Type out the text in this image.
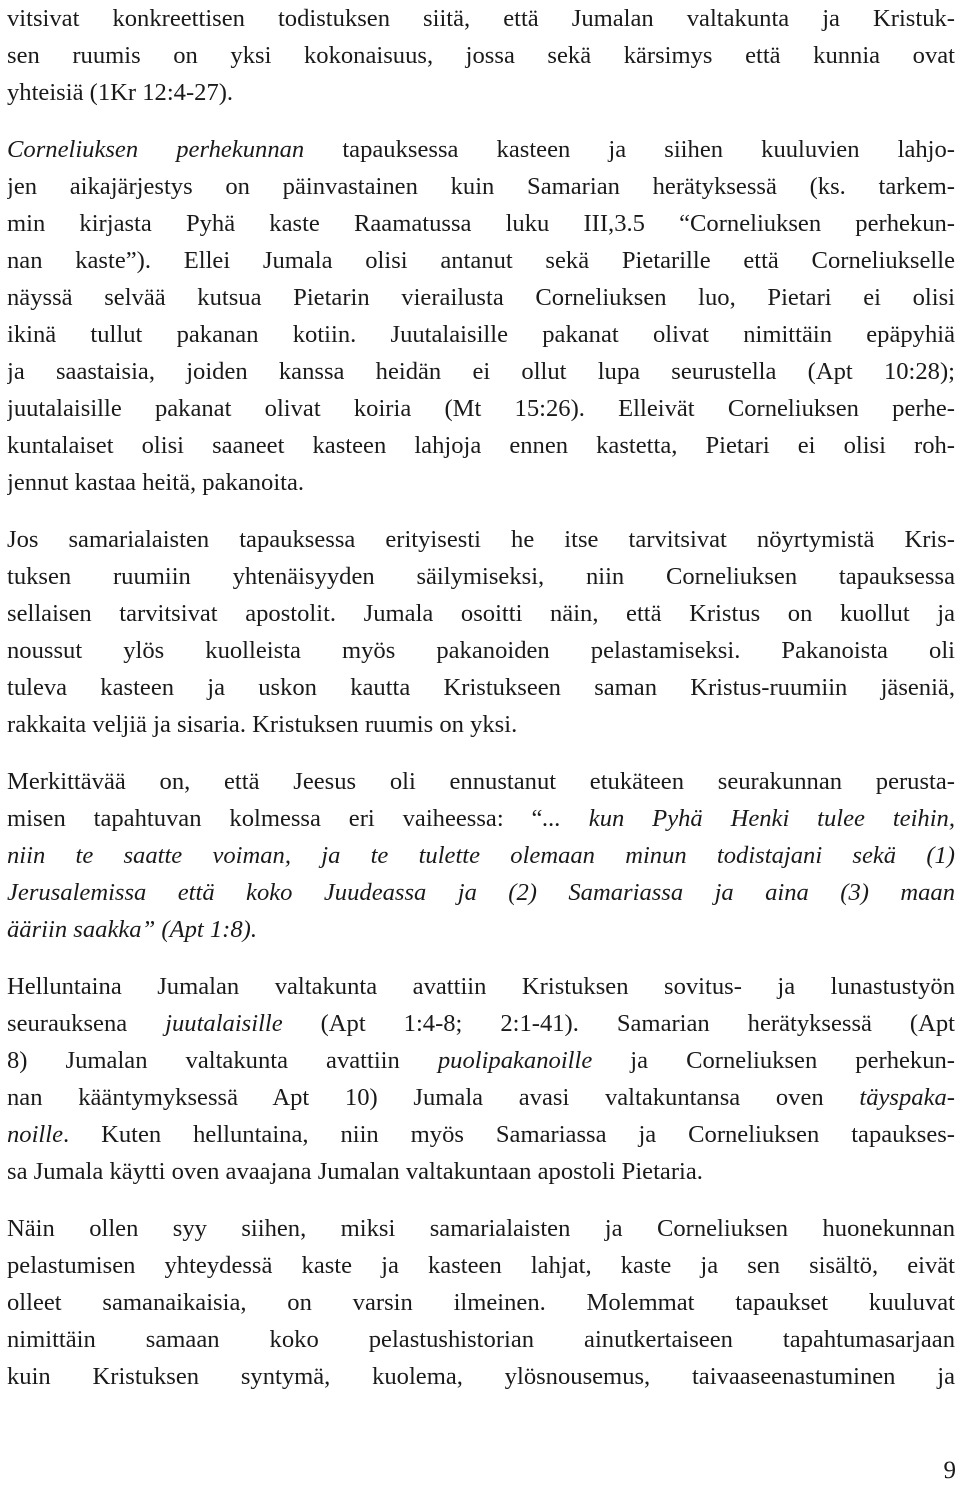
vitsivat konkreettisen todistuksen siitä, että Jumalan valtakunta ja Kristuk-
sen ruumis on yksi kokonaisuus, jossa sekä kärsimys että kunnia ovat
yhteisiä (1Kr 12:4-27).
Corneliuksen perhekunnan tapauksessa kasteen ja siihen kuuluvien lahjo-
jen aikajärjestys on päinvastainen kuin Samarian herätyksessä (ks. tarkem-
min kirjasta Pyhä kaste Raamatussa luku III,3.5 “Corneliuksen perhekun-
nan kaste”). Ellei Jumala olisi antanut sekä Pietarille että Corneliukselle
näyssä selvää kutsua Pietarin vierailusta Corneliuksen luo, Pietari ei olisi
ikinä tullut pakanan kotiin. Juutalaisille pakanat olivat nimittäin epäpyhiä
ja saastaisia, joiden kanssa heidän ei ollut lupa seurustella (Apt 10:28);
juutalaisille pakanat olivat koiria (Mt 15:26). Elleivät Corneliuksen perhe-
kuntalaiset olisi saaneet kasteen lahjoja ennen kastetta, Pietari ei olisi roh-
jennut kastaa heitä, pakanoita.
Jos samarialaisten tapauksessa erityisesti he itse tarvitsivat nöyrtymistä Kris-
tuksen ruumiin yhtenäisyyden säilymiseksi, niin Corneliuksen tapauksessa
sellaisen tarvitsivat apostolit. Jumala osoitti näin, että Kristus on kuollut ja
noussut ylös kuolleista myös pakanoiden pelastamiseksi. Pakanoista oli
tuleva kasteen ja uskon kautta Kristukseen saman Kristus-ruumiin jäseniä,
rakkaita veljiä ja sisaria. Kristuksen ruumis on yksi.
Merkittävää on, että Jeesus oli ennustanut etukäteen seurakunnan perusta-
misen tapahtuvan kolmessa eri vaiheessa: “... kun Pyhä Henki tulee teihin,
niin te saatte voiman, ja te tulette olemaan minun todistajani sekä (1)
Jerusalemissa että koko Juudeassa ja (2) Samariassa ja aina (3) maan
ääriin saakka” (Apt 1:8).
Helluntaina Jumalan valtakunta avattiin Kristuksen sovitus- ja lunastustyön
seurauksena juutalaisille (Apt 1:4-8; 2:1-41). Samarian herätyksessä (Apt
8) Jumalan valtakunta avattiin puolipakanoille ja Corneliuksen perhekun-
nan kääntymyksessä Apt 10) Jumala avasi valtakuntansa oven täyspaka-
noille. Kuten helluntaina, niin myös Samariassa ja Corneliuksen tapaukses-
sa Jumala käytti oven avaajana Jumalan valtakuntaan apostoli Pietaria.
Näin ollen syy siihen, miksi samarialaisten ja Corneliuksen huonekunnan
pelastumisen yhteydessä kaste ja kasteen lahjat, kaste ja sen sisältö, eivät
olleet samanaikaisia, on varsin ilmeinen. Molemmat tapaukset kuuluvat
nimittäin samaan koko pelastushistorian ainutkertaiseen tapahtumasarjaan
kuin Kristuksen syntymä, kuolema, ylösnousemus, taivaaseenastuminen ja
9
